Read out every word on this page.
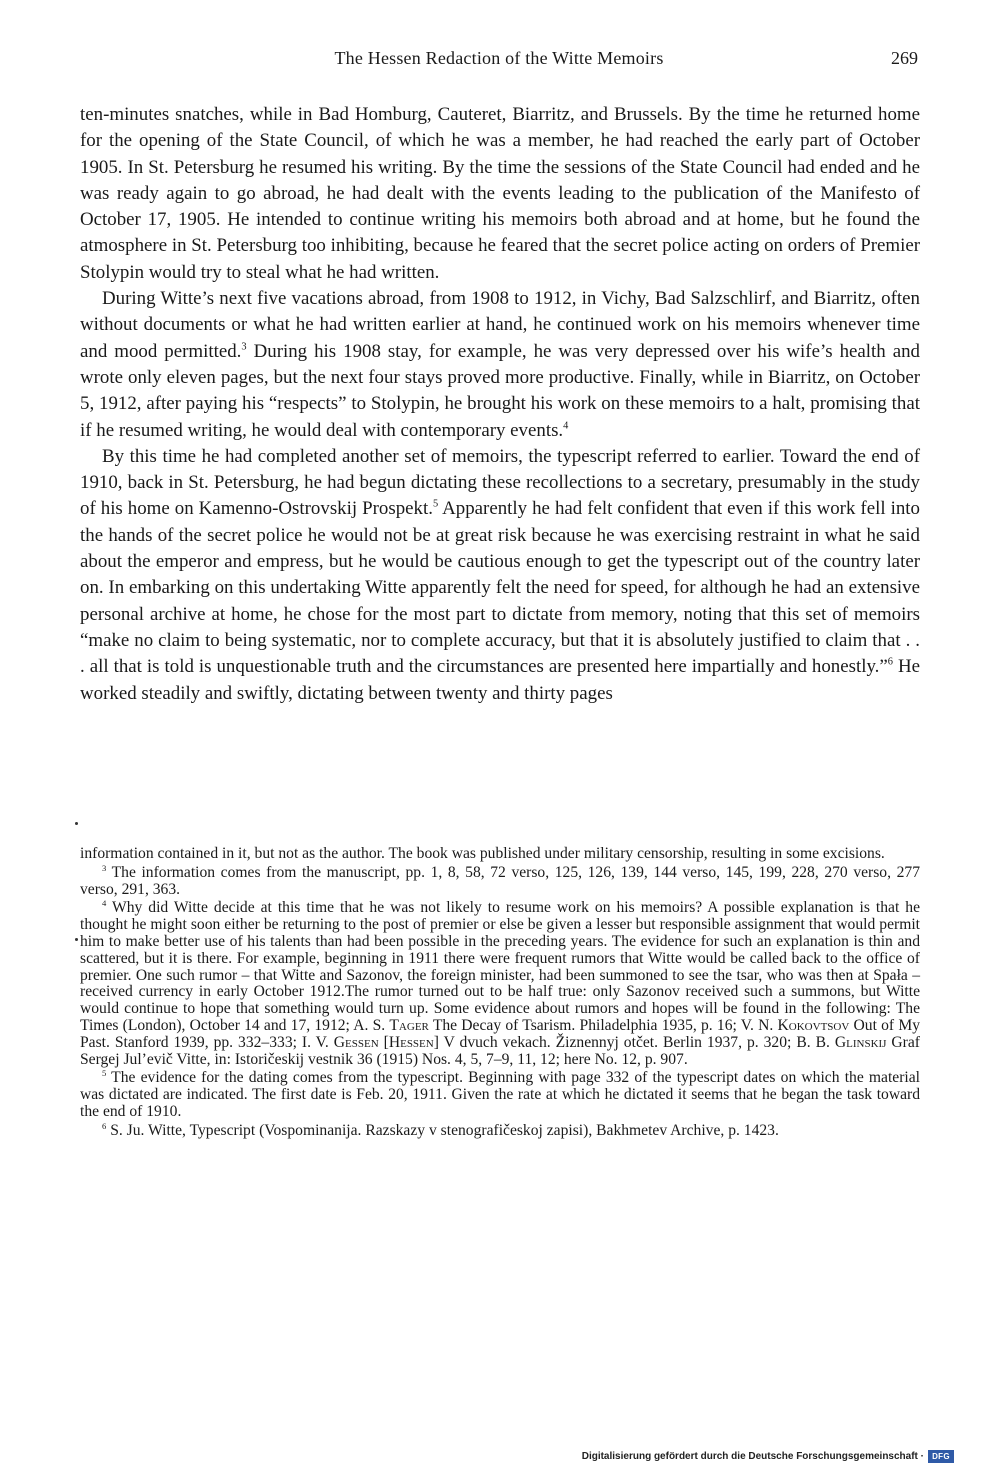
The Hessen Redaction of the Witte Memoirs	269

ten-minutes snatches, while in Bad Homburg, Cauteret, Biarritz, and Brussels. By the time he returned home for the opening of the State Council, of which he was a member, he had reached the early part of October 1905. In St. Petersburg he resumed his writing. By the time the sessions of the State Council had ended and he was ready again to go abroad, he had dealt with the events leading to the publication of the Manifesto of October 17, 1905. He intended to continue writing his memoirs both abroad and at home, but he found the atmosphere in St. Petersburg too inhibiting, because he feared that the secret police acting on orders of Premier Stolypin would try to steal what he had written.

During Witte’s next five vacations abroad, from 1908 to 1912, in Vichy, Bad Salzschlirf, and Biarritz, often without documents or what he had written earlier at hand, he continued work on his memoirs whenever time and mood permitted.$^3$ During his 1908 stay, for example, he was very depressed over his wife’s health and wrote only eleven pages, but the next four stays proved more productive. Finally, while in Biarritz, on October 5, 1912, after paying his “respects” to Stolypin, he brought his work on these memoirs to a halt, promising that if he resumed writing, he would deal with contemporary events.$^4$

By this time he had completed another set of memoirs, the typescript referred to earlier. Toward the end of 1910, back in St. Petersburg, he had begun dictating these recollections to a secretary, presumably in the study of his home on Kamenno-Ostrovskij Prospekt.$^5$ Apparently he had felt confident that even if this work fell into the hands of the secret police he would not be at great risk because he was exercising restraint in what he said about the emperor and empress, but he would be cautious enough to get the typescript out of the country later on. In embarking on this undertaking Witte apparently felt the need for speed, for although he had an extensive personal archive at home, he chose for the most part to dictate from memory, noting that this set of memoirs “make no claim to being systematic, nor to complete accuracy, but that it is absolutely justified to claim that . . . all that is told is unquestionable truth and the circumstances are presented here impartially and honestly.”$^6$ He worked steadily and swiftly, dictating between twenty and thirty pages

information contained in it, but not as the author. The book was published under military censorship, resulting in some excisions.

$^3$ The information comes from the manuscript, pp. 1, 8, 58, 72 verso, 125, 126, 139, 144 verso, 145, 199, 228, 270 verso, 277 verso, 291, 363.

$^4$ Why did Witte decide at this time that he was not likely to resume work on his memoirs? A possible explanation is that he thought he might soon either be returning to the post of premier or else be given a lesser but responsible assignment that would permit him to make better use of his talents than had been possible in the preceding years. The evidence for such an explanation is thin and scattered, but it is there. For example, beginning in 1911 there were frequent rumors that Witte would be called back to the office of premier. One such rumor – that Witte and Sazonov, the foreign minister, had been summoned to see the tsar, who was then at Spała – received currency in early October 1912.The rumor turned out to be half true: only Sazonov received such a summons, but Witte would continue to hope that something would turn up. Some evidence about rumors and hopes will be found in the following: The Times (London), October 14 and 17, 1912; A. S. Tager The Decay of Tsarism. Philadelphia 1935, p. 16; V. N. Kokovtsov Out of My Past. Stanford 1939, pp. 332–333; I. V. Gessen [Hessen] V dvuch vekach. Žiznennyj otčet. Berlin 1937, p. 320; B. B. Glinskij Graf Sergej Jul’evič Vitte, in: Istoričeskij vestnik 36 (1915) Nos. 4, 5, 7–9, 11, 12; here No. 12, p. 907.

$^5$ The evidence for the dating comes from the typescript. Beginning with page 332 of the typescript dates on which the material was dictated are indicated. The first date is Feb. 20, 1911. Given the rate at which he dictated it seems that he began the task toward the end of 1910.

$^6$ S. Ju. Witte, Typescript (Vospominanija. Razskazy v stenografičeskoj zapisi), Bakhmetev Archive, p. 1423.

Digitalisierung gefördert durch die Deutsche Forschungsgemeinschaft ·	DFG
